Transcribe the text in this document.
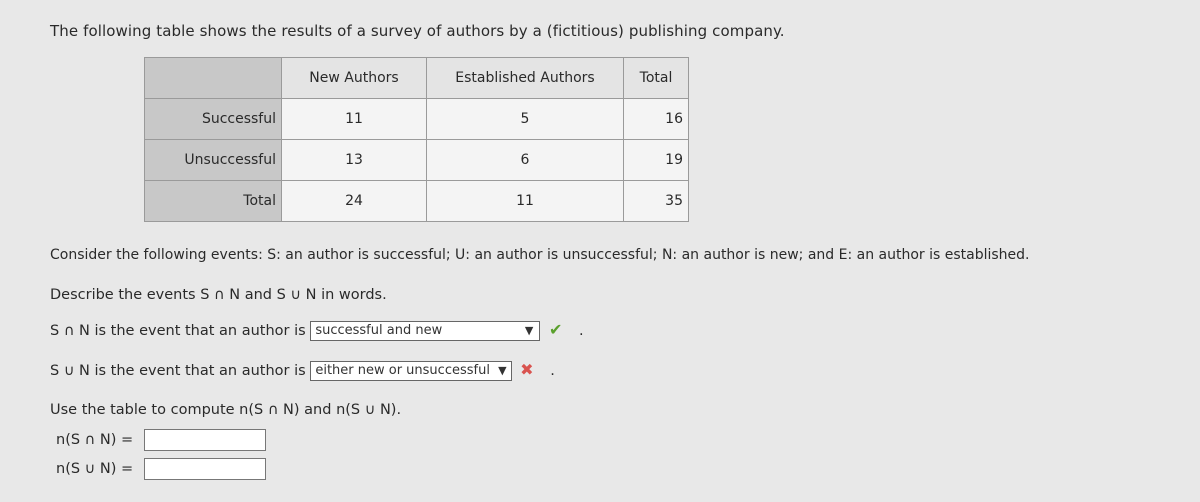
The following table shows the results of a survey of authors by a (fictitious) publishing company.
	New Authors	Established Authors	Total
Successful	11	5	16
Unsuccessful	13	6	19
Total	24	11	35
Consider the following events: S: an author is successful; U: an author is unsuccessful; N: an author is new; and E: an author is established.
Describe the events S ∩ N and S ∪ N in words.
S ∩ N is the event that an author is successful and new	▼ ✔ .
S ∪ N is the event that an author is either new or unsuccessful ▼ ✖ .
Use the table to compute n(S ∩ N) and n(S ∪ N).
n(S ∩ N) =
n(S ∪ N) =
